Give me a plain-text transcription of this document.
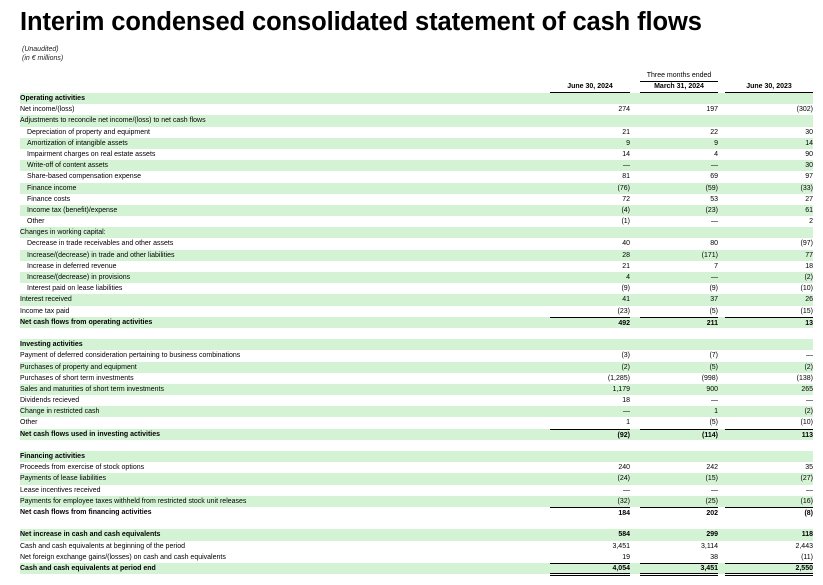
Interim condensed consolidated statement of cash flows
(Unaudited)
(in € millions)
Three months ended
June 30, 2024	March 31, 2024	June 30, 2023
Operating activities
Net income/(loss)	274	197	(302)
Adjustments to reconcile net income/(loss) to net cash flows
Depreciation of property and equipment	21	22	30
Amortization of intangible assets	9	9	14
Impairment charges on real estate assets	14	4	90
Write-off of content assets	—	—	30
Share-based compensation expense	81	69	97
Finance income	(76)	(59)	(33)
Finance costs	72	53	27
Income tax (benefit)/expense	(4)	(23)	61
Other	(1)	—	2
Changes in working capital:
Decrease in trade receivables and other assets	40	80	(97)
Increase/(decrease) in trade and other liabilities	28	(171)	77
Increase in deferred revenue	21	7	18
Increase/(decrease) in provisions	4	—	(2)
Interest paid on lease liabilities	(9)	(9)	(10)
Interest received	41	37	26
Income tax paid	(23)	(5)	(15)
Net cash flows from operating activities	492	211	13
Investing activities
Payment of deferred consideration pertaining to business combinations	(3)	(7)	—
Purchases of property and equipment	(2)	(5)	(2)
Purchases of short term investments	(1,285)	(998)	(138)
Sales and maturities of short term investments	1,179	900	265
Dividends recieved	18	—	—
Change in restricted cash	—	1	(2)
Other	1	(5)	(10)
Net cash flows used in investing activities	(92)	(114)	113
Financing activities
Proceeds from exercise of stock options	240	242	35
Payments of lease liabilities	(24)	(15)	(27)
Lease incentives received	—	—	—
Payments for employee taxes withheld from restricted stock unit releases	(32)	(25)	(16)
Net cash flows from financing activities	184	202	(8)
Net increase in cash and cash equivalents	584	299	118
Cash and cash equivalents at beginning of the period	3,451	3,114	2,443
Net foreign exchange gains/(losses) on cash and cash equivalents	19	38	(11)
Cash and cash equivalents at period end	4,054	3,451	2,550
